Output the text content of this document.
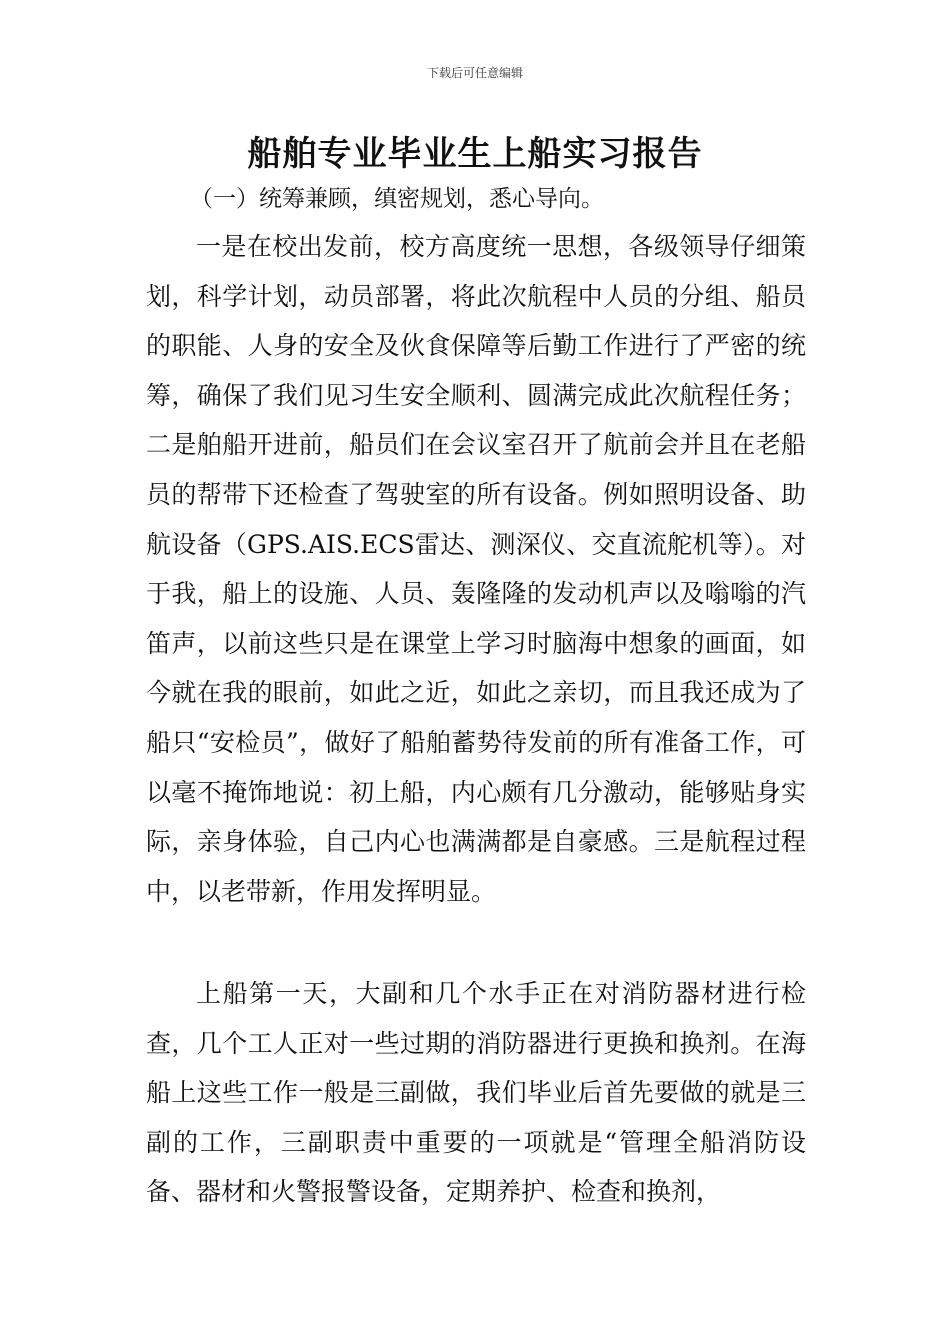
下载后可任意编辑
船舶专业毕业生上船实习报告
（一）统筹兼顾，缜密规划，悉心导向。

一是在校出发前，校方高度统一思想，各级领导仔细策划，科学计划，动员部署，将此次航程中人员的分组、船员的职能、人身的安全及伙食保障等后勤工作进行了严密的统筹，确保了我们见习生安全顺利、圆满完成此次航程任务；二是舶船开进前，船员们在会议室召开了航前会并且在老船员的帮带下还检查了驾驶室的所有设备。例如照明设备、助航设备（GPS.AIS.ECS雷达、测深仪、交直流舵机等）。对于我，船上的设施、人员、轰隆隆的发动机声以及嗡嗡的汽笛声，以前这些只是在课堂上学习时脑海中想象的画面，如今就在我的眼前，如此之近，如此之亲切，而且我还成为了船只“安检员”，做好了船舶蓄势待发前的所有准备工作，可以毫不掩饰地说：初上船，内心颇有几分激动，能够贴身实际，亲身体验，自己内心也满满都是自豪感。三是航程过程中，以老带新，作用发挥明显。

上船第一天，大副和几个水手正在对消防器材进行检查，几个工人正对一些过期的消防器进行更换和换剂。在海船上这些工作一般是三副做，我们毕业后首先要做的就是三副的工作，三副职责中重要的一项就是“管理全船消防设备、器材和火警报警设备，定期养护、检查和换剂，
